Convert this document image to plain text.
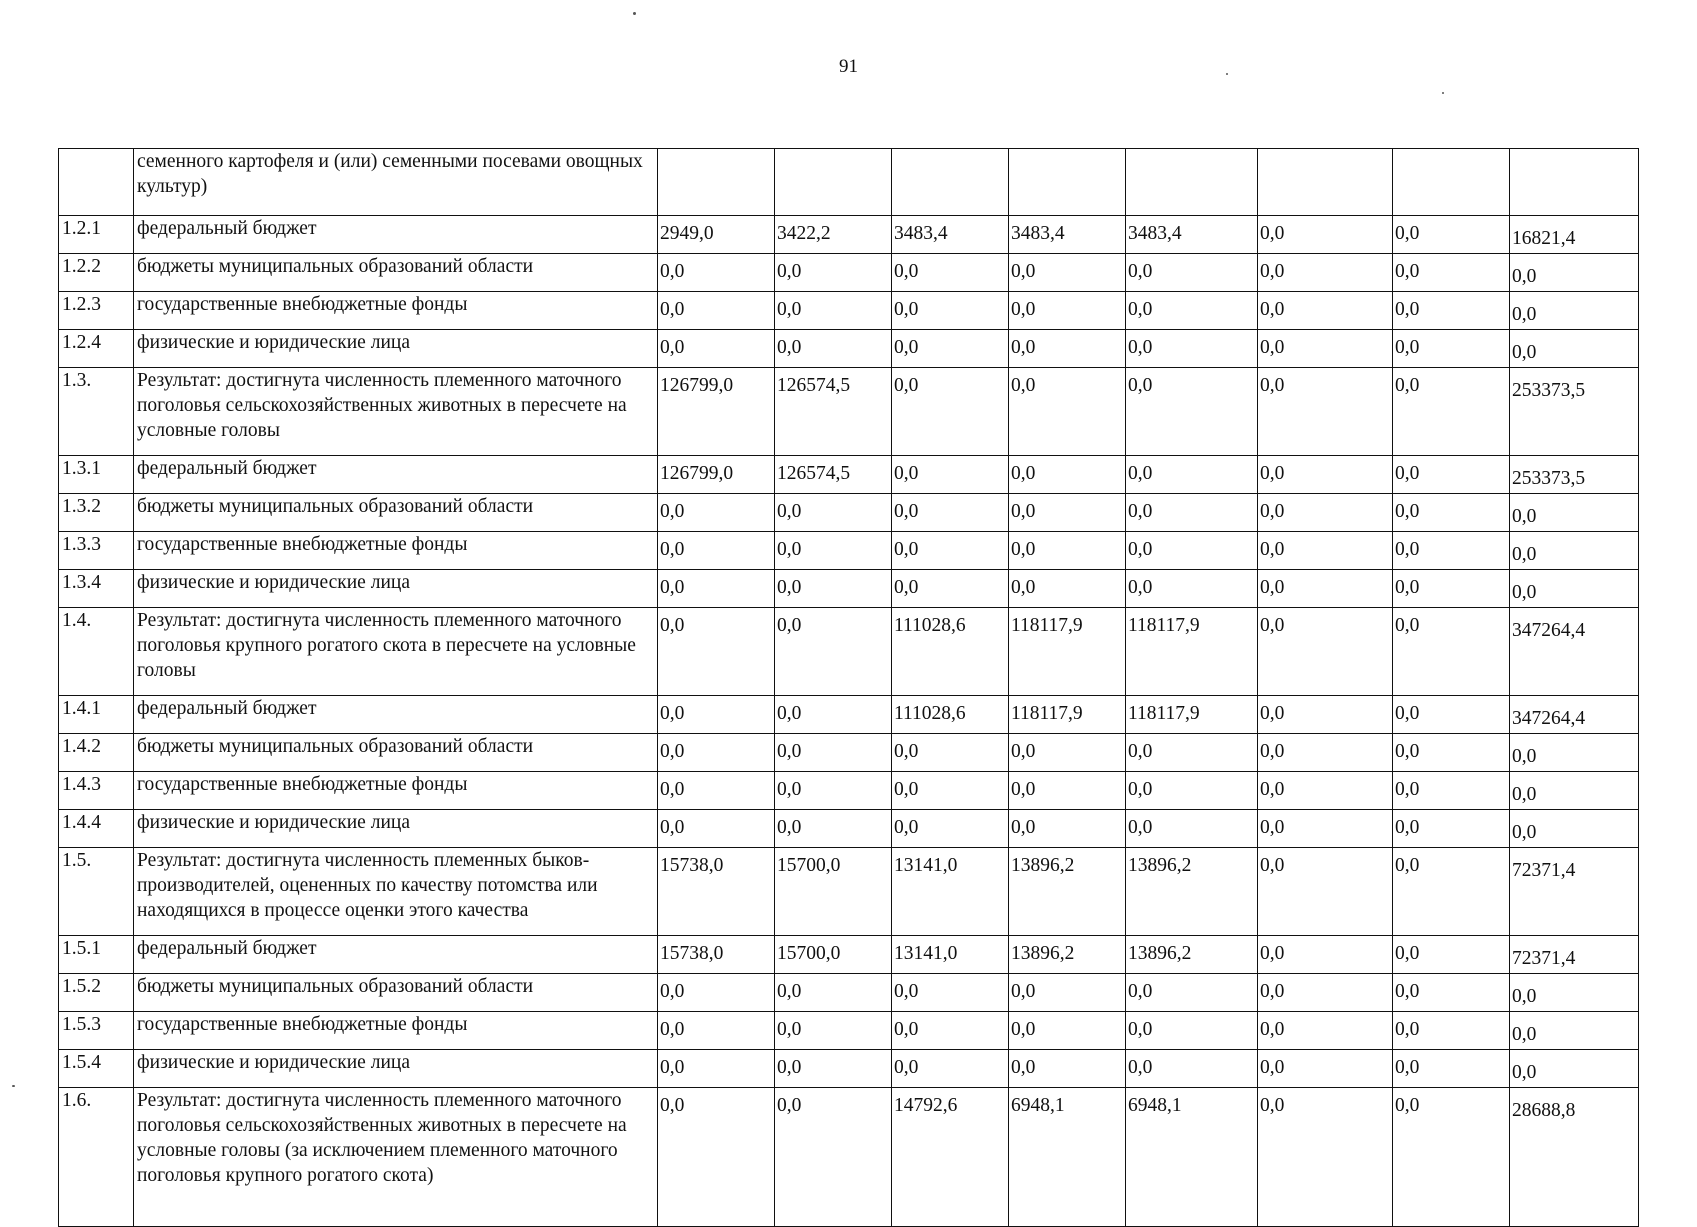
91
	семенного картофеля и (или) семенными посевами овощных культур)								
1.2.1	федеральный бюджет	2949,0	3422,2	3483,4	3483,4	3483,4	0,0	0,0	16821,4
1.2.2	бюджеты муниципальных образований области	0,0	0,0	0,0	0,0	0,0	0,0	0,0	0,0
1.2.3	государственные внебюджетные фонды	0,0	0,0	0,0	0,0	0,0	0,0	0,0	0,0
1.2.4	физические и юридические лица	0,0	0,0	0,0	0,0	0,0	0,0	0,0	0,0
1.3.	Результат: достигнута численность племенного маточного поголовья сельскохозяйственных животных в пересчете на условные головы	126799,0	126574,5	0,0	0,0	0,0	0,0	0,0	253373,5
1.3.1	федеральный бюджет	126799,0	126574,5	0,0	0,0	0,0	0,0	0,0	253373,5
1.3.2	бюджеты муниципальных образований области	0,0	0,0	0,0	0,0	0,0	0,0	0,0	0,0
1.3.3	государственные внебюджетные фонды	0,0	0,0	0,0	0,0	0,0	0,0	0,0	0,0
1.3.4	физические и юридические лица	0,0	0,0	0,0	0,0	0,0	0,0	0,0	0,0
1.4.	Результат: достигнута численность племенного маточного поголовья крупного рогатого скота в пересчете на условные головы	0,0	0,0	111028,6	118117,9	118117,9	0,0	0,0	347264,4
1.4.1	федеральный бюджет	0,0	0,0	111028,6	118117,9	118117,9	0,0	0,0	347264,4
1.4.2	бюджеты муниципальных образований области	0,0	0,0	0,0	0,0	0,0	0,0	0,0	0,0
1.4.3	государственные внебюджетные фонды	0,0	0,0	0,0	0,0	0,0	0,0	0,0	0,0
1.4.4	физические и юридические лица	0,0	0,0	0,0	0,0	0,0	0,0	0,0	0,0
1.5.	Результат: достигнута численность племенных быков-производителей, оцененных по качеству потомства или находящихся в процессе оценки этого качества	15738,0	15700,0	13141,0	13896,2	13896,2	0,0	0,0	72371,4
1.5.1	федеральный бюджет	15738,0	15700,0	13141,0	13896,2	13896,2	0,0	0,0	72371,4
1.5.2	бюджеты муниципальных образований области	0,0	0,0	0,0	0,0	0,0	0,0	0,0	0,0
1.5.3	государственные внебюджетные фонды	0,0	0,0	0,0	0,0	0,0	0,0	0,0	0,0
1.5.4	физические и юридические лица	0,0	0,0	0,0	0,0	0,0	0,0	0,0	0,0
1.6.	Результат: достигнута численность племенного маточного поголовья сельскохозяйственных животных в пересчете на условные головы (за исключением племенного маточного поголовья крупного рогатого скота)	0,0	0,0	14792,6	6948,1	6948,1	0,0	0,0	28688,8
